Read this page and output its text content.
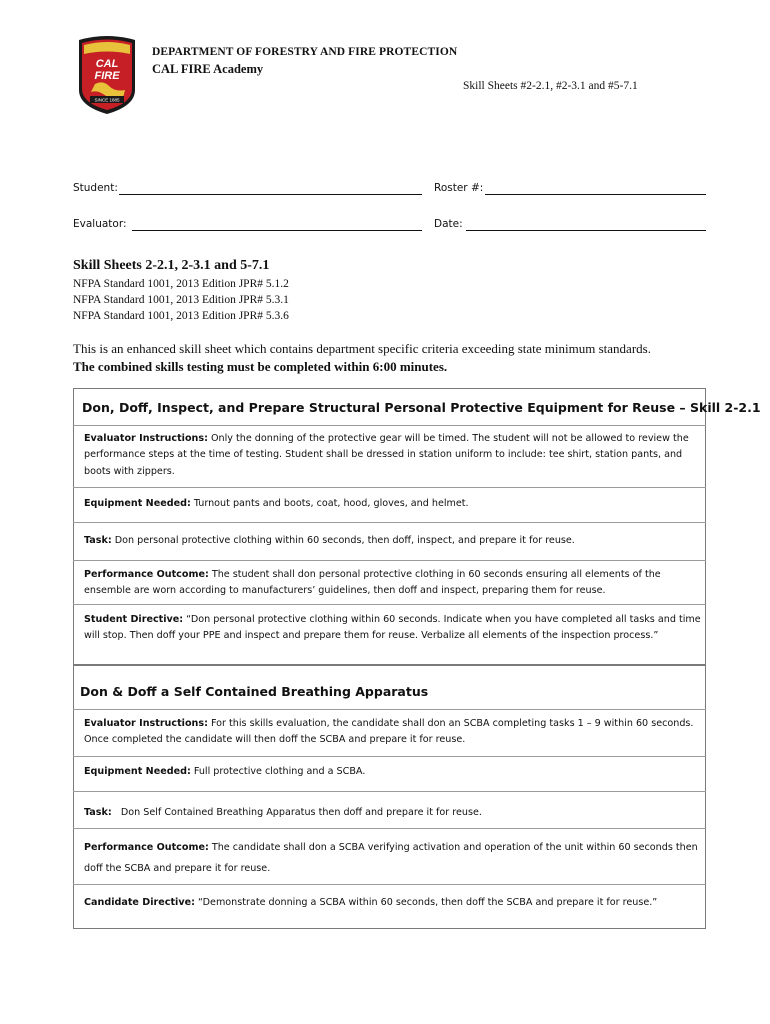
CAL
FIRE
SINCE 1885
DEPARTMENT OF FORESTRY AND FIRE PROTECTION
CAL FIRE Academy
Skill Sheets #2-2.1, #2-3.1 and #5-7.1
Student:	Roster #:
Evaluator:	Date:
Skill Sheets 2-2.1, 2-3.1 and 5-7.1
NFPA Standard 1001, 2013 Edition JPR# 5.1.2
NFPA Standard 1001, 2013 Edition JPR# 5.3.1
NFPA Standard 1001, 2013 Edition JPR# 5.3.6
This is an enhanced skill sheet which contains department specific criteria exceeding state minimum standards.
The combined skills testing must be completed within 6:00 minutes.
Don, Doff, Inspect, and Prepare Structural Personal Protective Equipment for Reuse – Skill 2-2.1
Evaluator Instructions: Only the donning of the protective gear will be timed. The student will not be allowed to review the performance steps at the time of testing. Student shall be dressed in station uniform to include: tee shirt, station pants, and boots with zippers.
Equipment Needed: Turnout pants and boots, coat, hood, gloves, and helmet.
Task: Don personal protective clothing within 60 seconds, then doff, inspect, and prepare it for reuse.
Performance Outcome: The student shall don personal protective clothing in 60 seconds ensuring all elements of the ensemble are worn according to manufacturers’ guidelines, then doff and inspect, preparing them for reuse.
Student Directive: “Don personal protective clothing within 60 seconds. Indicate when you have completed all tasks and time will stop. Then doff your PPE and inspect and prepare them for reuse. Verbalize all elements of the inspection process.”
Don & Doff a Self Contained Breathing Apparatus
Evaluator Instructions: For this skills evaluation, the candidate shall don an SCBA completing tasks 1 – 9 within 60 seconds. Once completed the candidate will then doff the SCBA and prepare it for reuse.
Equipment Needed: Full protective clothing and a SCBA.
Task:   Don Self Contained Breathing Apparatus then doff and prepare it for reuse.
Performance Outcome: The candidate shall don a SCBA verifying activation and operation of the unit within 60 seconds then doff the SCBA and prepare it for reuse.
Candidate Directive: “Demonstrate donning a SCBA within 60 seconds, then doff the SCBA and prepare it for reuse.”
